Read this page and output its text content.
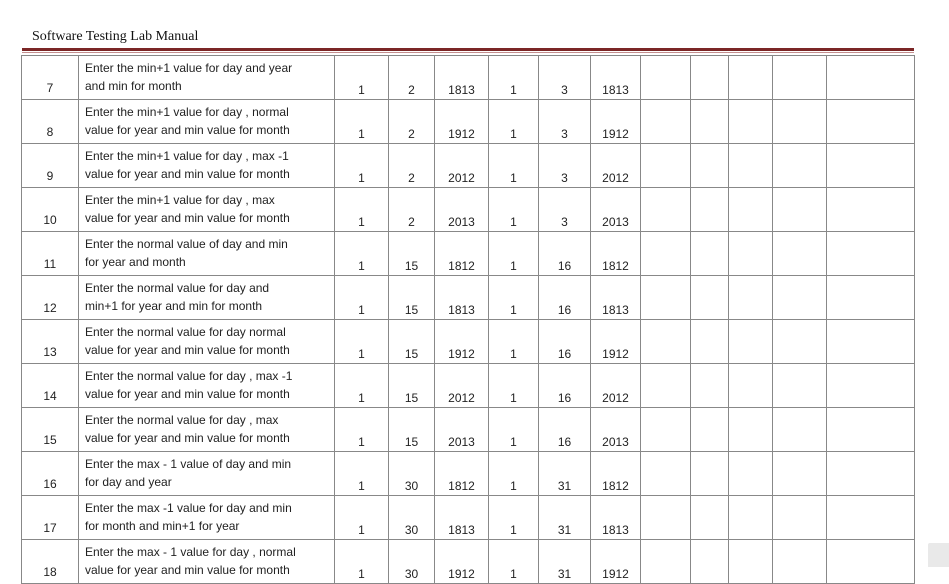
Software Testing Lab Manual
7	Enter the min+1 value for day and year
and min for month	1	2	1813	1	3	1813					
8	Enter the min+1 value for day , normal
value for year and min value for month	1	2	1912	1	3	1912					
9	Enter the min+1 value for day , max -1
value for year and min value for month	1	2	2012	1	3	2012					
10	Enter the min+1 value for day , max
value for year and min value for month	1	2	2013	1	3	2013					
11	Enter the normal value of day and min
for year and month	1	15	1812	1	16	1812					
12	Enter the normal value for day and
min+1 for year and min for month	1	15	1813	1	16	1813					
13	Enter the normal value for day normal
value for year and min value for month	1	15	1912	1	16	1912					
14	Enter the normal value for day , max -1
value for year and min value for month	1	15	2012	1	16	2012					
15	Enter the normal value for day , max
value for year and min value for month	1	15	2013	1	16	2013					
16	Enter the max - 1 value of day and min
for day and year	1	30	1812	1	31	1812					
17	Enter the max -1 value for day and min
for month and min+1 for year	1	30	1813	1	31	1813					
18	Enter the max - 1 value for day , normal
value for year and min value for month	1	30	1912	1	31	1912					
